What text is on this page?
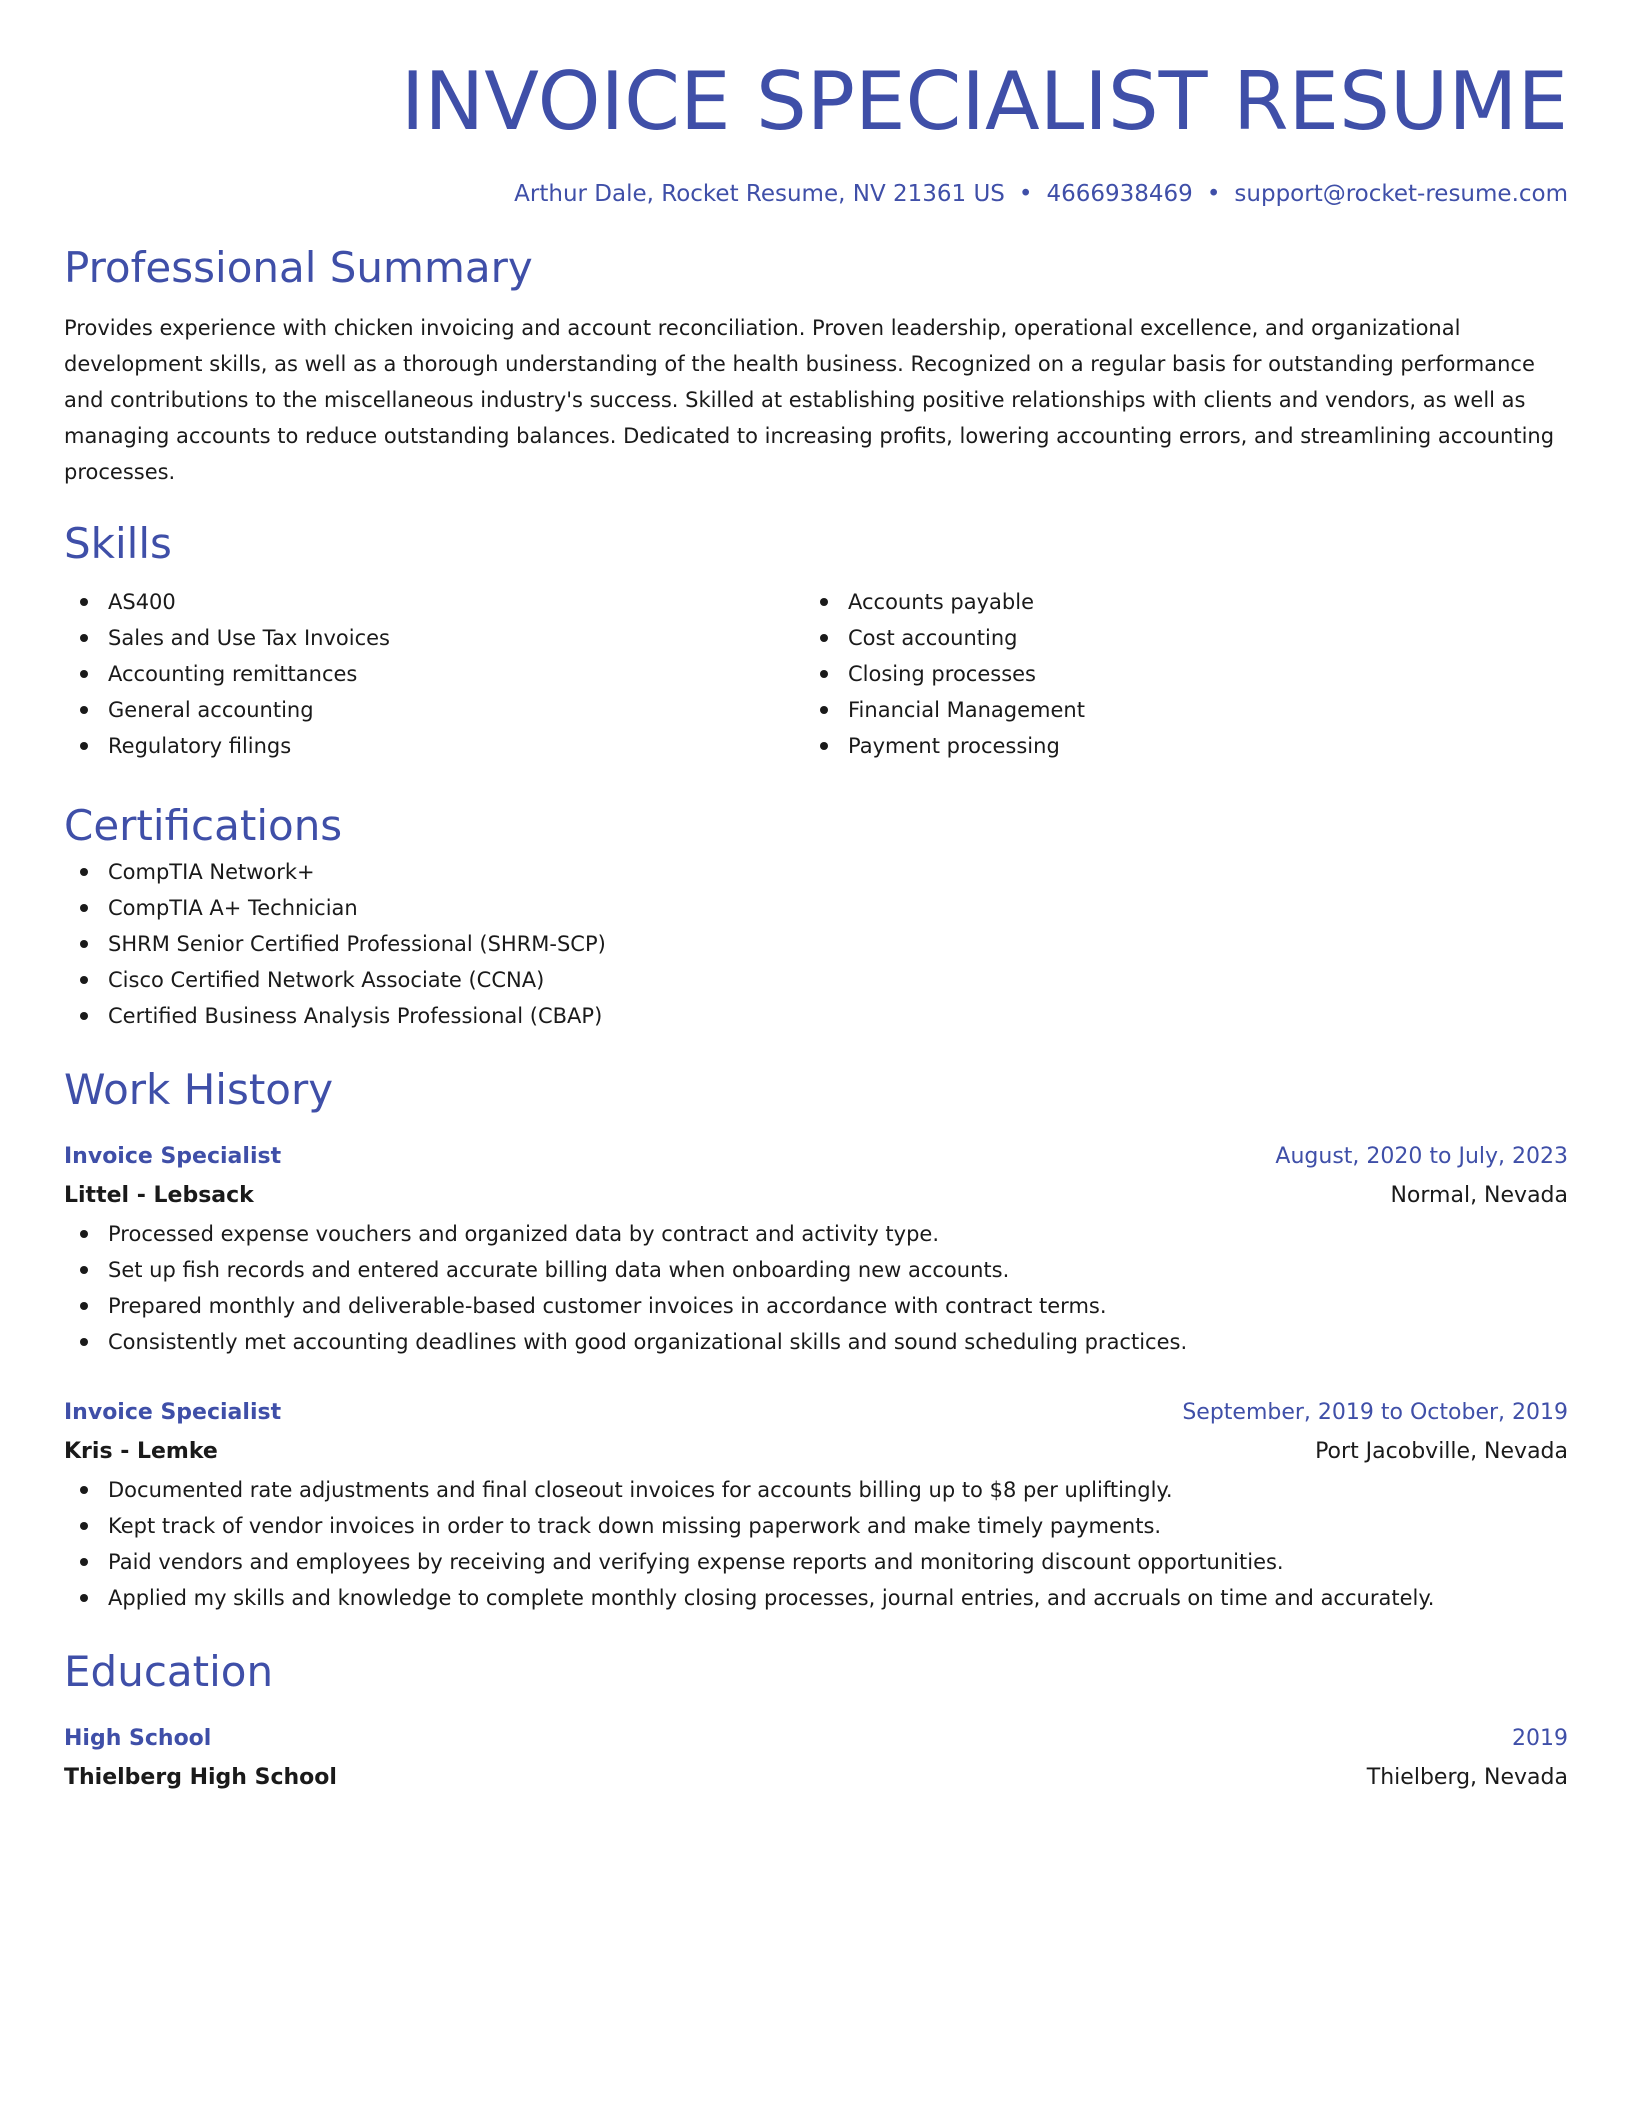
INVOICE SPECIALIST RESUME
Arthur Dale, Rocket Resume, NV 21361 US • 4666938469 • support@rocket-resume.com
Professional Summary
Provides experience with chicken invoicing and account reconciliation. Proven leadership, operational excellence, and organizational development skills, as well as a thorough understanding of the health business. Recognized on a regular basis for outstanding performance and contributions to the miscellaneous industry's success. Skilled at establishing positive relationships with clients and vendors, as well as managing accounts to reduce outstanding balances. Dedicated to increasing profits, lowering accounting errors, and streamlining accounting processes.
Skills
AS400
Sales and Use Tax Invoices
Accounting remittances
General accounting
Regulatory filings
Accounts payable
Cost accounting
Closing processes
Financial Management
Payment processing
Certifications
CompTIA Network+
CompTIA A+ Technician
SHRM Senior Certified Professional (SHRM-SCP)
Cisco Certified Network Associate (CCNA)
Certified Business Analysis Professional (CBAP)
Work History
Invoice Specialist	August, 2020 to July, 2023
Littel - Lebsack	Normal, Nevada
Processed expense vouchers and organized data by contract and activity type.
Set up fish records and entered accurate billing data when onboarding new accounts.
Prepared monthly and deliverable-based customer invoices in accordance with contract terms.
Consistently met accounting deadlines with good organizational skills and sound scheduling practices.
Invoice Specialist	September, 2019 to October, 2019
Kris - Lemke	Port Jacobville, Nevada
Documented rate adjustments and final closeout invoices for accounts billing up to $8 per upliftingly.
Kept track of vendor invoices in order to track down missing paperwork and make timely payments.
Paid vendors and employees by receiving and verifying expense reports and monitoring discount opportunities.
Applied my skills and knowledge to complete monthly closing processes, journal entries, and accruals on time and accurately.
Education
High School	2019
Thielberg High School	Thielberg, Nevada
